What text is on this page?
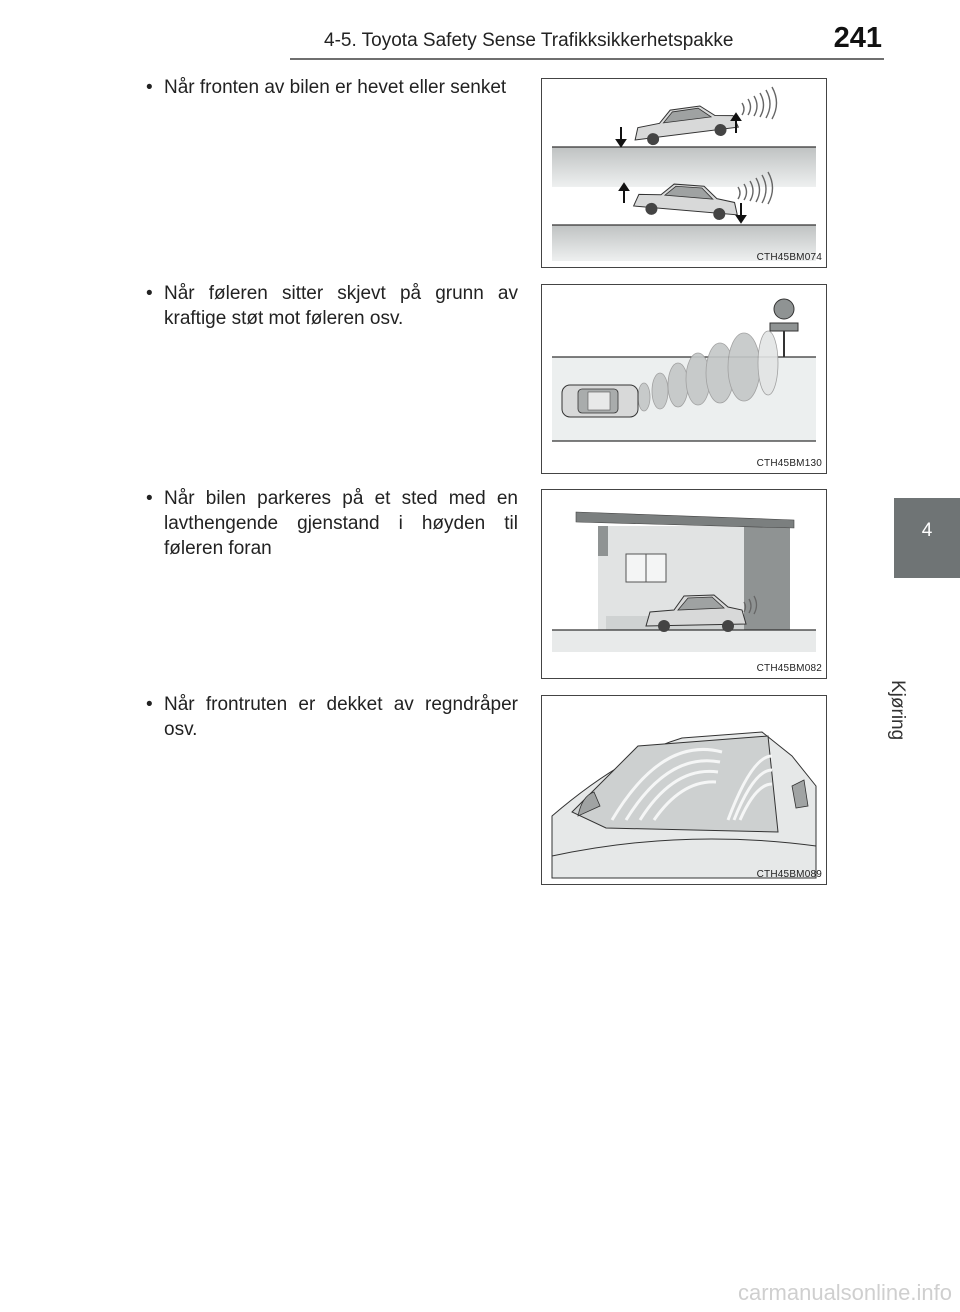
4-5. Toyota Safety Sense Trafikksikkerhetspakke	241
4
Kjøring
• Når fronten av bilen er hevet eller senket
CTH45BM074
• Når føleren sitter skjevt på grunn av kraftige støt mot føleren osv.
CTH45BM130
• Når bilen parkeres på et sted med en lavthengende gjenstand i høyden til føleren foran
CTH45BM082
• Når frontruten er dekket av regndråper osv.
CTH45BM089
carmanualsonline.info
